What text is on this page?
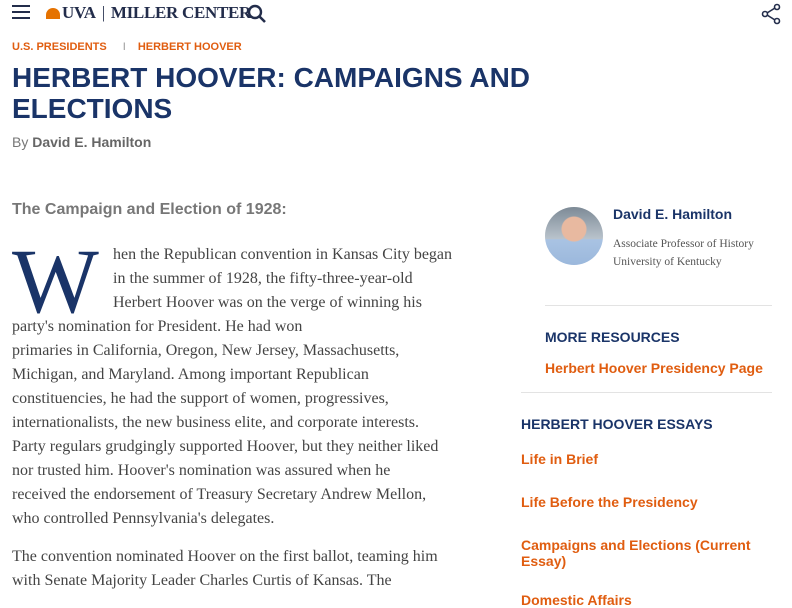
UVA | MILLER CENTER
U.S. PRESIDENTS I HERBERT HOOVER
HERBERT HOOVER: CAMPAIGNS AND ELECTIONS
By David E. Hamilton
The Campaign and Election of 1928:
W hen the Republican convention in Kansas City began
in the summer of 1928, the fifty-three-year-old
Herbert Hoover was on the verge of winning his
party's nomination for President. He had won
primaries in California, Oregon, New Jersey, Massachusetts,
Michigan, and Maryland. Among important Republican
constituencies, he had the support of women, progressives,
internationalists, the new business elite, and corporate interests.
Party regulars grudgingly supported Hoover, but they neither liked
nor trusted him. Hoover's nomination was assured when he
received the endorsement of Treasury Secretary Andrew Mellon,
who controlled Pennsylvania's delegates.
The convention nominated Hoover on the first ballot, teaming him
with Senate Majority Leader Charles Curtis of Kansas. The
David E. Hamilton
Associate Professor of History
University of Kentucky
MORE RESOURCES
Herbert Hoover Presidency Page
HERBERT HOOVER ESSAYS
Life in Brief
Life Before the Presidency
Campaigns and Elections (Current Essay)
Domestic Affairs
